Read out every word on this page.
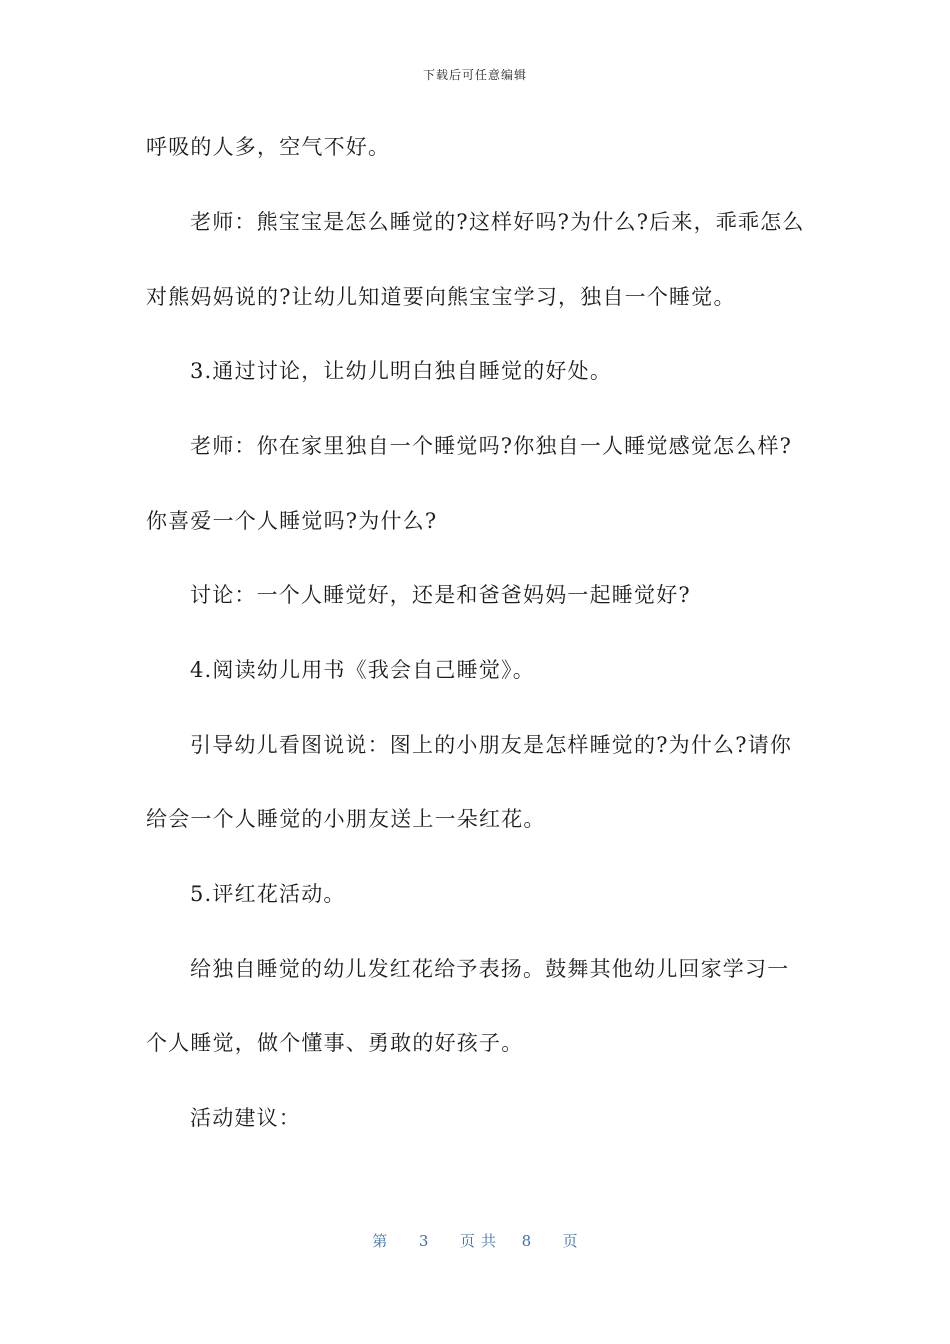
下载后可任意编辑
呼吸的人多，空气不好。
老师：熊宝宝是怎么睡觉的?这样好吗?为什么?后来，乖乖怎么
对熊妈妈说的?让幼儿知道要向熊宝宝学习，独自一个睡觉。
3.通过讨论，让幼儿明白独自睡觉的好处。
老师：你在家里独自一个睡觉吗?你独自一人睡觉感觉怎么样?
你喜爱一个人睡觉吗?为什么?
讨论：一个人睡觉好，还是和爸爸妈妈一起睡觉好?
4.阅读幼儿用书《我会自己睡觉》。
引导幼儿看图说说：图上的小朋友是怎样睡觉的?为什么?请你
给会一个人睡觉的小朋友送上一朵红花。
5.评红花活动。
给独自睡觉的幼儿发红花给予表扬。鼓舞其他幼儿回家学习一
个人睡觉，做个懂事、勇敢的好孩子。
活动建议：
第 3 页共 8 页
